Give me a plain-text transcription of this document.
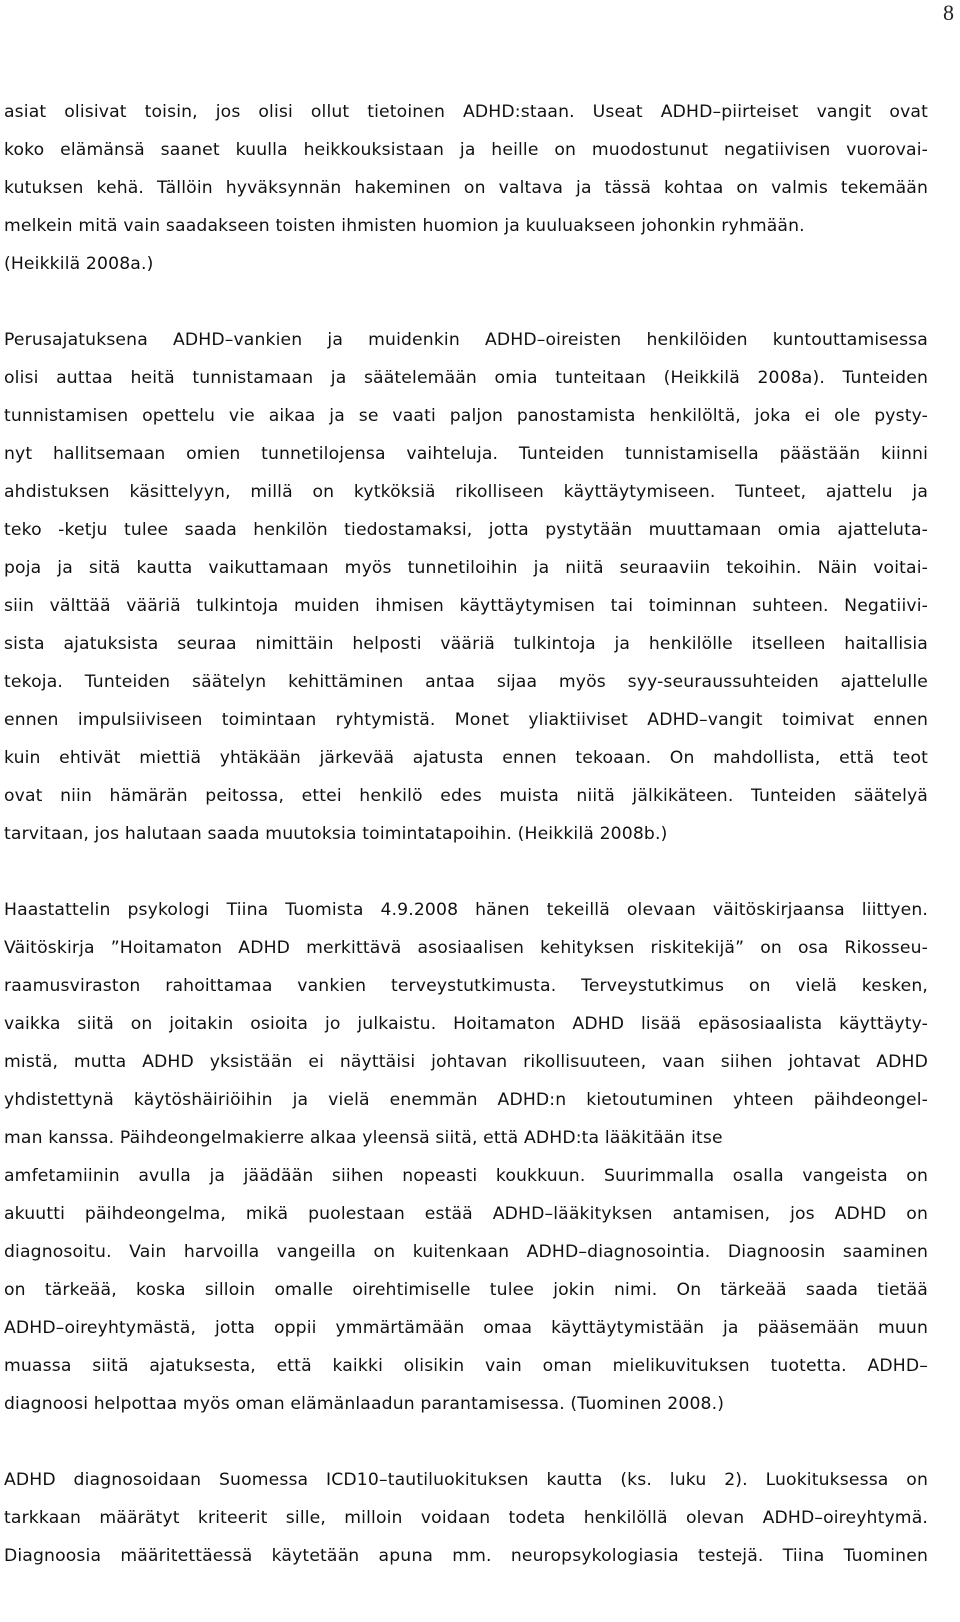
8
asiat olisivat toisin, jos olisi ollut tietoinen ADHD:staan. Useat ADHD–piirteiset vangit ovat
koko elämänsä saanet kuulla heikkouksistaan ja heille on muodostunut negatiivisen vuorovai-
kutuksen kehä. Tällöin hyväksynnän hakeminen on valtava ja tässä kohtaa on valmis tekemään
melkein mitä vain saadakseen toisten ihmisten huomion ja kuuluakseen johonkin ryhmään.
(Heikkilä 2008a.)
Perusajatuksena ADHD–vankien ja muidenkin ADHD–oireisten henkilöiden kuntouttamisessa
olisi auttaa heitä tunnistamaan ja säätelemään omia tunteitaan (Heikkilä 2008a). Tunteiden
tunnistamisen opettelu vie aikaa ja se vaati paljon panostamista henkilöltä, joka ei ole pysty-
nyt hallitsemaan omien tunnetilojensa vaihteluja. Tunteiden tunnistamisella päästään kiinni
ahdistuksen käsittelyyn, millä on kytköksiä rikolliseen käyttäytymiseen. Tunteet, ajattelu ja
teko -ketju tulee saada henkilön tiedostamaksi, jotta pystytään muuttamaan omia ajatteluta-
poja ja sitä kautta vaikuttamaan myös tunnetiloihin ja niitä seuraaviin tekoihin. Näin voitai-
siin välttää vääriä tulkintoja muiden ihmisen käyttäytymisen tai toiminnan suhteen. Negatiivi-
sista ajatuksista seuraa nimittäin helposti vääriä tulkintoja ja henkilölle itselleen haitallisia
tekoja. Tunteiden säätelyn kehittäminen antaa sijaa myös syy-seuraussuhteiden ajattelulle
ennen impulsiiviseen toimintaan ryhtymistä. Monet yliaktiiviset ADHD–vangit toimivat ennen
kuin ehtivät miettiä yhtäkään järkevää ajatusta ennen tekoaan. On mahdollista, että teot
ovat niin hämärän peitossa, ettei henkilö edes muista niitä jälkikäteen. Tunteiden säätelyä
tarvitaan, jos halutaan saada muutoksia toimintatapoihin. (Heikkilä 2008b.)
Haastattelin psykologi Tiina Tuomista 4.9.2008 hänen tekeillä olevaan väitöskirjaansa liittyen.
Väitöskirja ”Hoitamaton ADHD merkittävä asosiaalisen kehityksen riskitekijä” on osa Rikosseu-
raamusviraston rahoittamaa vankien terveystutkimusta. Terveystutkimus on vielä kesken,
vaikka siitä on joitakin osioita jo julkaistu. Hoitamaton ADHD lisää epäsosiaalista käyttäyty-
mistä, mutta ADHD yksistään ei näyttäisi johtavan rikollisuuteen, vaan siihen johtavat ADHD
yhdistettynä käytöshäiriöihin ja vielä enemmän ADHD:n kietoutuminen yhteen päihdeongel-
man kanssa. Päihdeongelmakierre alkaa yleensä siitä, että ADHD:ta lääkitään itse
amfetamiinin avulla ja jäädään siihen nopeasti koukkuun. Suurimmalla osalla vangeista on
akuutti päihdeongelma, mikä puolestaan estää ADHD–lääkityksen antamisen, jos ADHD on
diagnosoitu. Vain harvoilla vangeilla on kuitenkaan ADHD–diagnosointia. Diagnoosin saaminen
on tärkeää, koska silloin omalle oirehtimiselle tulee jokin nimi. On tärkeää saada tietää
ADHD–oireyhtymästä, jotta oppii ymmärtämään omaa käyttäytymistään ja pääsemään muun
muassa siitä ajatuksesta, että kaikki olisikin vain oman mielikuvituksen tuotetta. ADHD–
diagnoosi helpottaa myös oman elämänlaadun parantamisessa. (Tuominen 2008.)
ADHD diagnosoidaan Suomessa ICD10–tautiluokituksen kautta (ks. luku 2). Luokituksessa on
tarkkaan määrätyt kriteerit sille, milloin voidaan todeta henkilöllä olevan ADHD–oireyhtymä.
Diagnoosia määritettäessä käytetään apuna mm. neuropsykologiasia testejä. Tiina Tuominen
